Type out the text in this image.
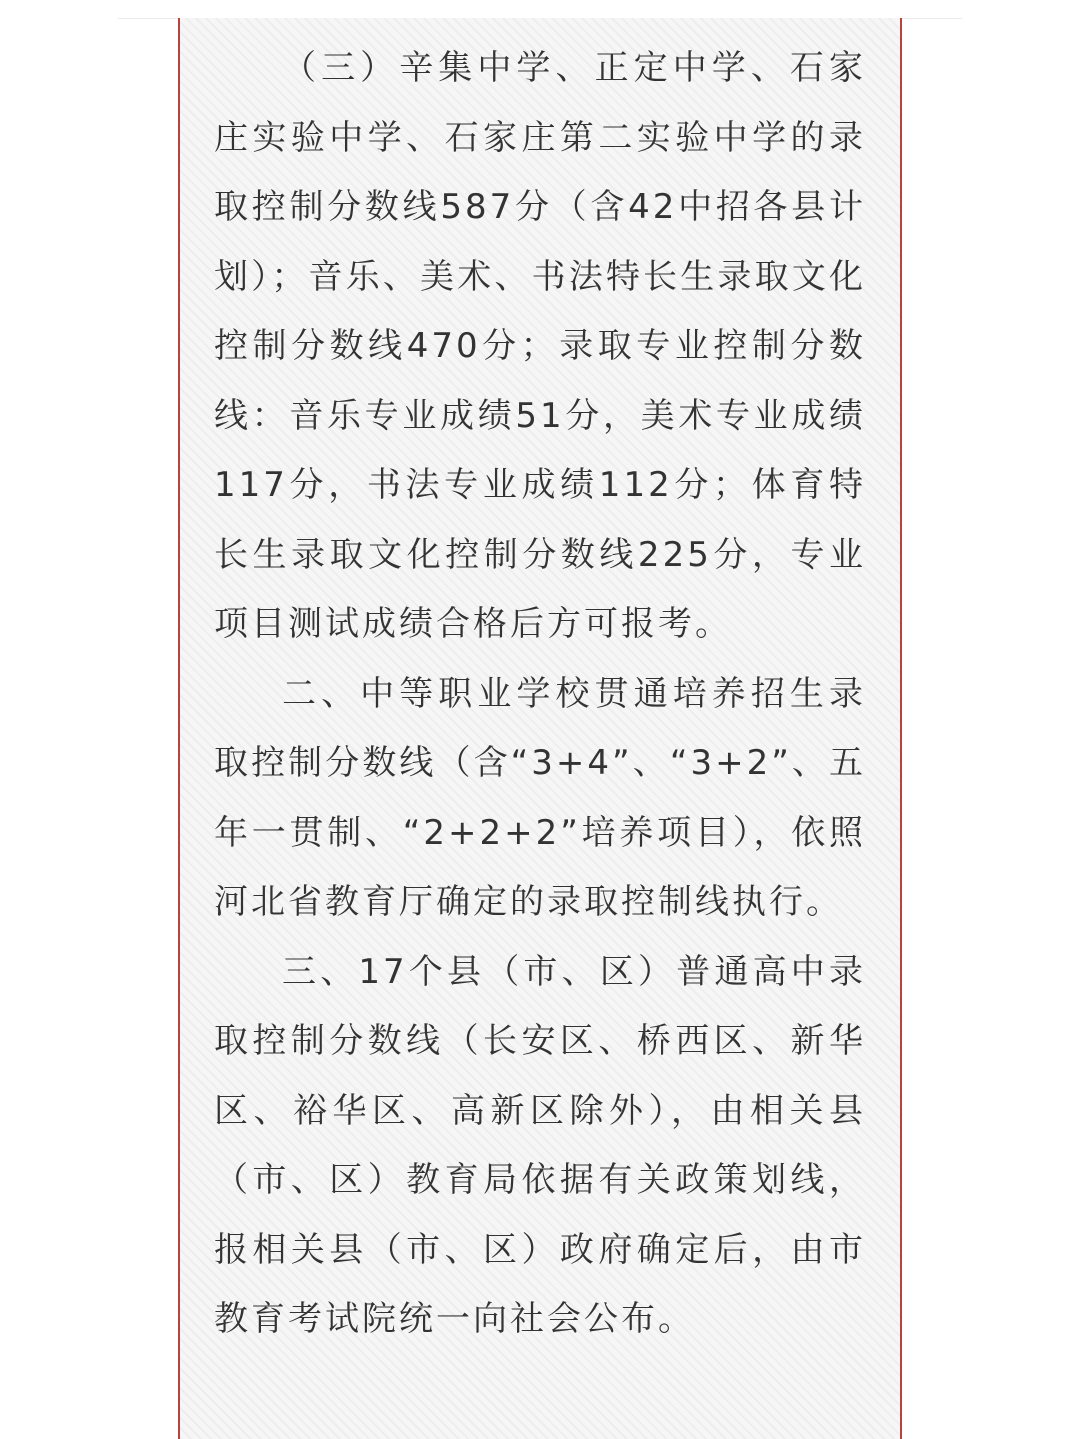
（三）辛集中学、正定中学、石家庄实验中学、石家庄第二实验中学的录取控制分数线587分（含42中招各县计划）；音乐、美术、书法特长生录取文化控制分数线470分；录取专业控制分数线：音乐专业成绩51分，美术专业成绩117分，书法专业成绩112分；体育特长生录取文化控制分数线225分，专业项目测试成绩合格后方可报考。

二、中等职业学校贯通培养招生录取控制分数线（含“3+4”、“3+2”、五年一贯制、“2+2+2”培养项目），依照河北省教育厅确定的录取控制线执行。

三、17个县（市、区）普通高中录取控制分数线（长安区、桥西区、新华区、裕华区、高新区除外），由相关县（市、区）教育局依据有关政策划线，报相关县（市、区）政府确定后，由市教育考试院统一向社会公布。
